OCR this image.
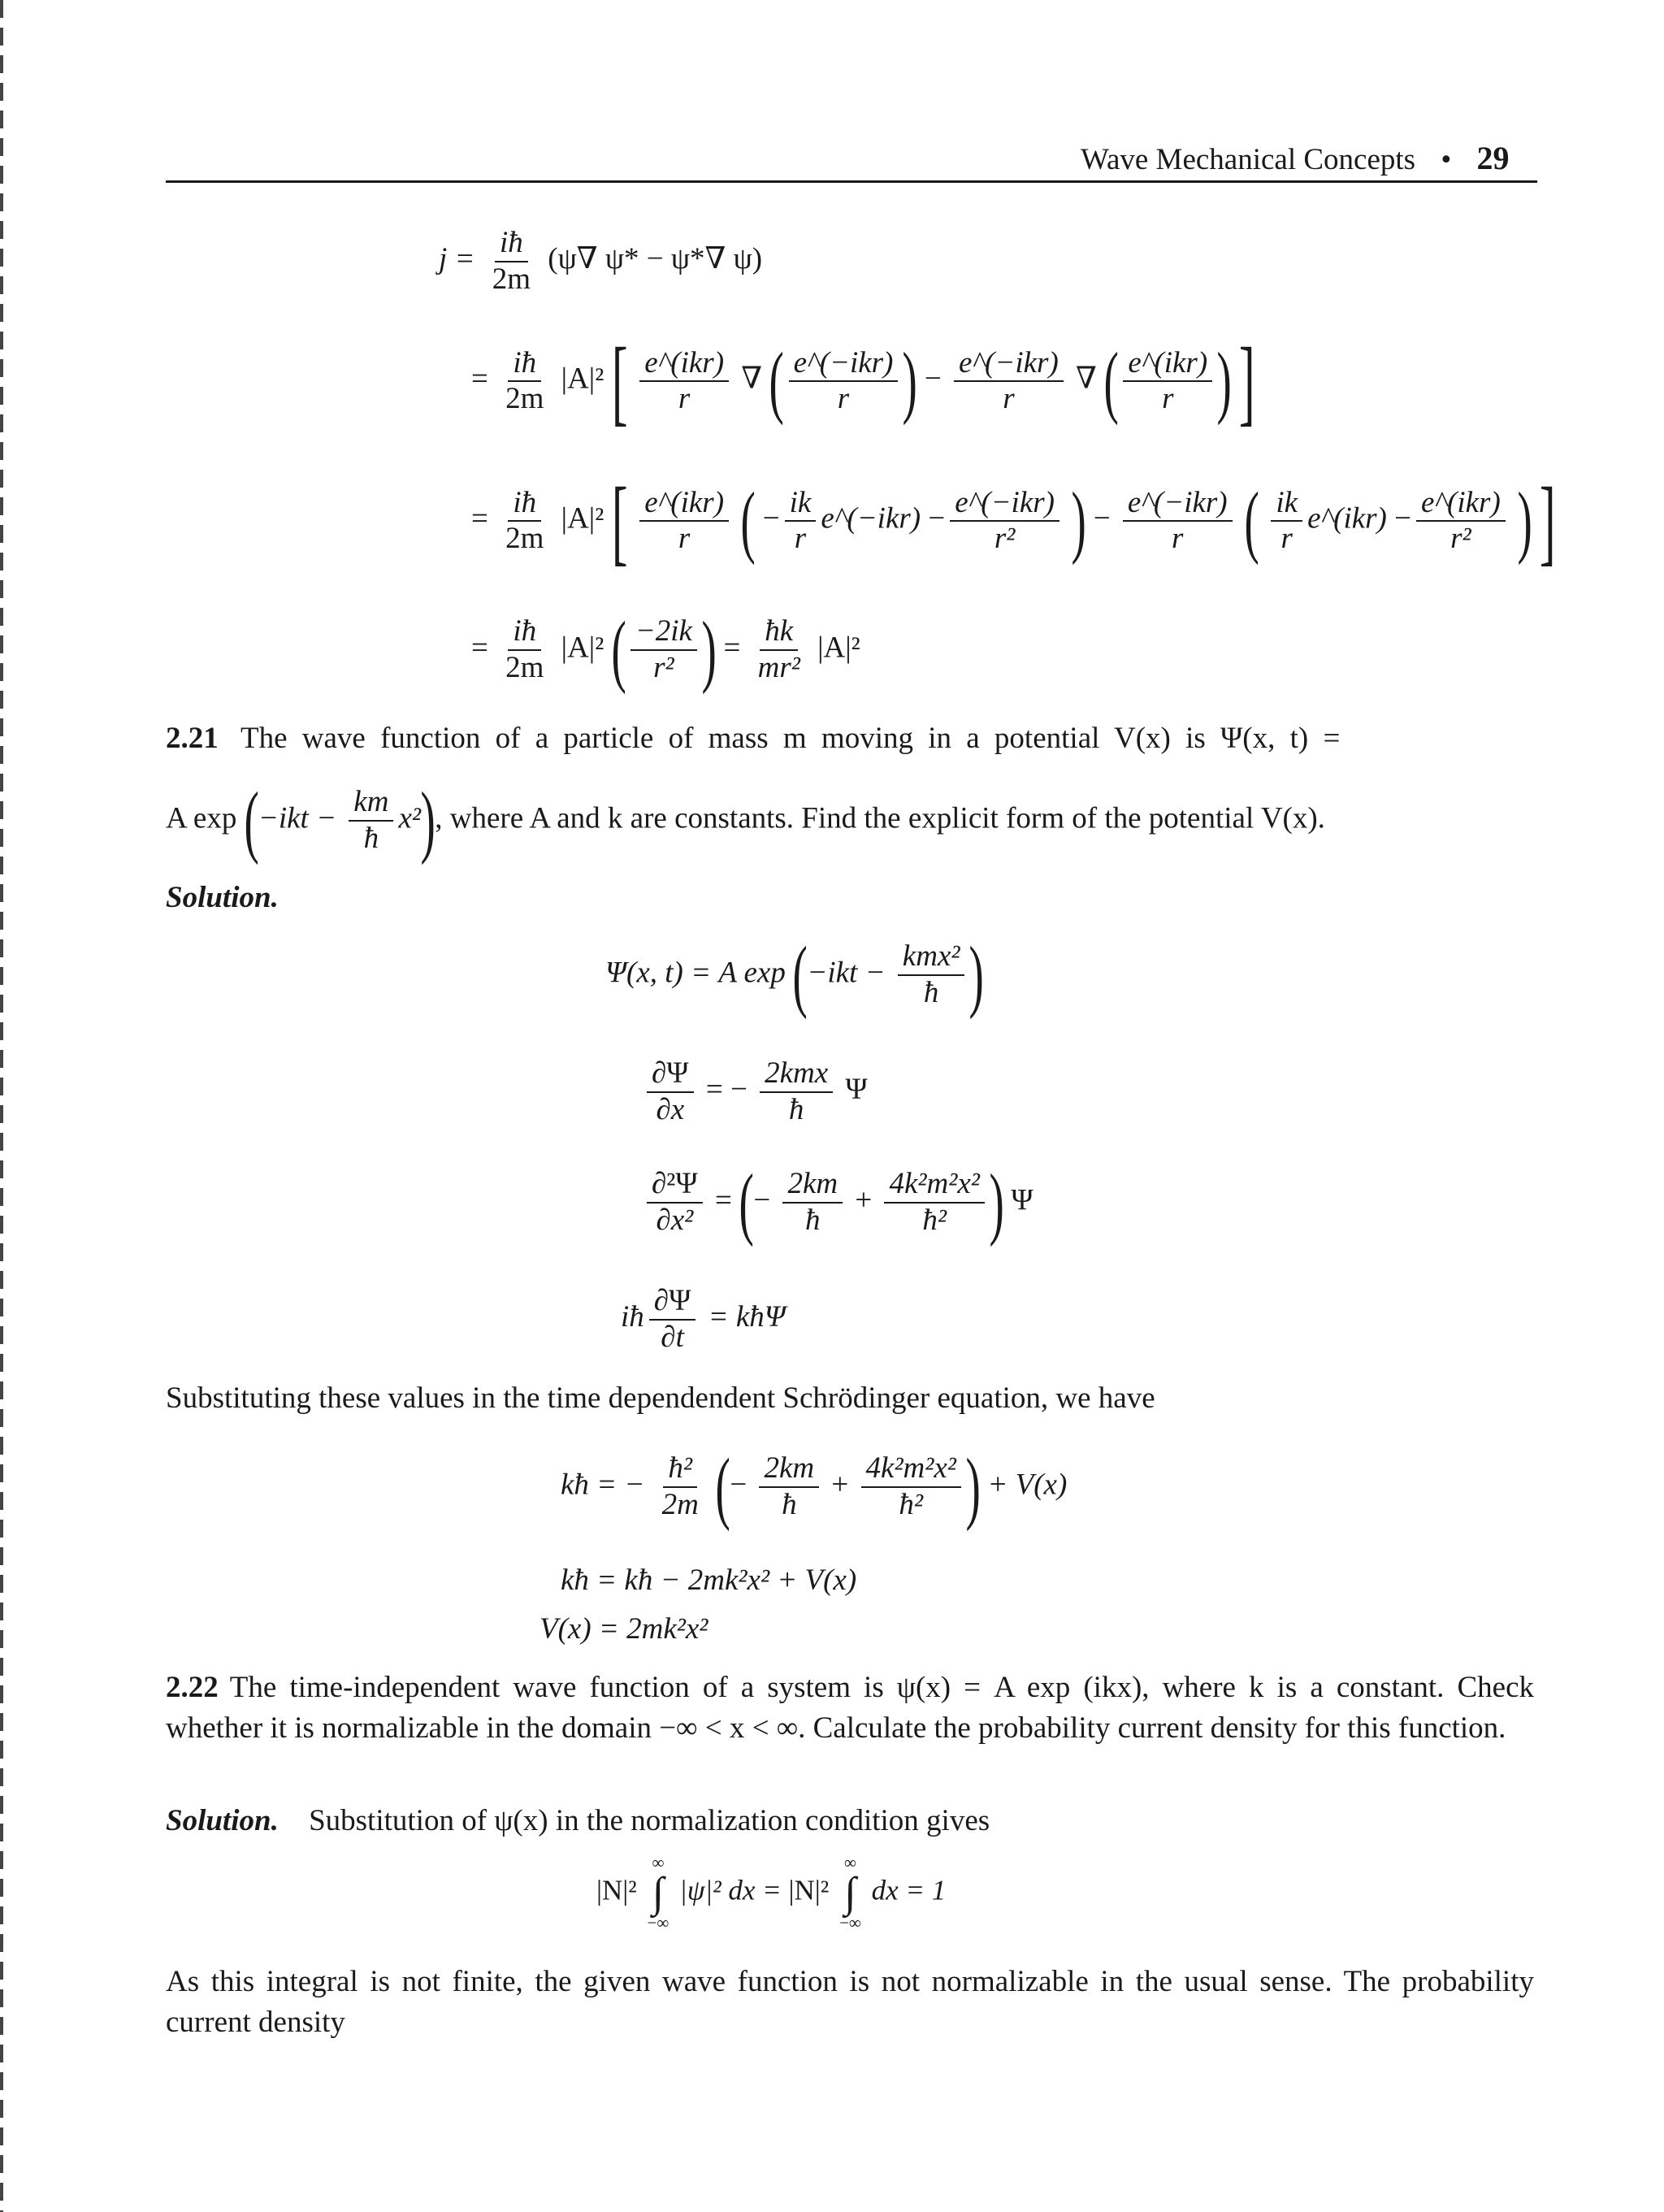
Wave Mechanical Concepts • 29
$j = \frac{iħ}{2m} (\psi\nabla$ ψ* − ψ*∇ ψ)
= $\frac{iħ}{2m} |A|^2$ [ $\frac{\text{e\textasciicircum{}(ikr)}}{r}$ ∇ ( $\frac{\text{e\textasciicircum{}(−ikr)}}{r}$ ) − $\frac{\text{e\textasciicircum{}(−ikr)}}{r}$ ∇ ( $\frac{\text{e\textasciicircum{}(ikr)}}{r}$ ) ]
= $\frac{iħ}{2m} |A|^2$ [ $\frac{\text{e\textasciicircum{}(ikr)}}{r}$ ( − $\frac{ik}{r}$ e^(−ikr) − $\frac{\text{e\textasciicircum{}(−ikr)}}{\text{r²}}$ ) − $\frac{\text{e\textasciicircum{}(−ikr)}}{r}$ ( $\frac{ik}{r}$ e^(ikr) − $\frac{\text{e\textasciicircum{}(ikr)}}{\text{r²}}$ ) ]
= $\frac{iħ}{2m} |A|^2$ ( $\frac{-2ik}{\text{r²}}$ ) = $\frac{ħk}{\text{mr²}} |A|^2$
2.21 The wave function of a particle of mass m moving in a potential V(x) is Ψ(x, t) =
A $\exp (-ikt - \frac{km}{ħ} x^2)$, where A and k are constants. Find the explicit form of the potential V(x).
Solution.
Ψ(x, t) = A $\exp (-ikt - \frac{\text{kmx²}}{ħ}$ )
$\frac{\partial\Psi}{\partial x}$ = − $\frac{\text{2kmx}}{ħ}$ Ψ
$\frac{\text{∂²Ψ}}{\text{∂x²}}$ = (− $\frac{2km}{ħ} + \frac{\text{4k²m²x²}}{\text{ħ²}}$ ) Ψ
iħ $\frac{\partial\Psi}{\partial t}$ = kħΨ
Substituting these values in the time dependendent Schrödinger equation, we have
kħ = − $\frac{\text{ħ²}}{2m}$ (− $\frac{2km}{ħ} + \frac{\text{4k²m²x²}}{\text{ħ²}}$ ) + V(x)
kħ = kħ − 2mk²x² + V(x)
V(x) = 2mk²x²
2.22 The time-independent wave function of a system is ψ(x) = A exp (ikx), where k is a constant. Check whether it is normalizable in the domain −∞ < x < ∞. Calculate the probability current density for this function.
Solution. Substitution of ψ(x) in the normalization condition gives
|N|²
∞
∫
−∞
|ψ|² dx = |N|²
∞
∫
−∞
dx = 1
As this integral is not finite, the given wave function is not normalizable in the usual sense. The probability current density
